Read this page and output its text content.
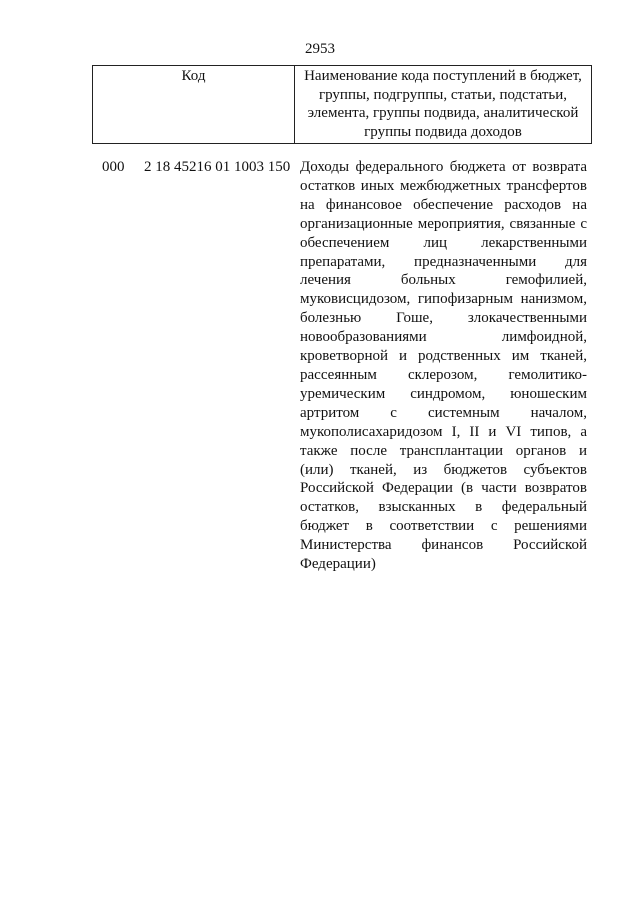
2953
Код	Наименование кода поступлений в бюджет, группы, подгруппы, статьи, подстатьи, элемента, группы подвида, аналитической группы подвида доходов
000 2 18 45216 01 1003 150 Доходы федерального бюджета от возврата остатков иных межбюджетных трансфертов на финансовое обеспечение расходов на организационные мероприятия, связанные с обеспечением лиц лекарственными препаратами, предназначенными для лечения больных гемофилией, муковисцидозом, гипофизарным нанизмом, болезнью Гоше, злокачественными новообразованиями лимфоидной, кроветворной и родственных им тканей, рассеянным склерозом, гемолитико-уремическим синдромом, юношеским артритом с системным началом, мукополисахаридозом I, II и VI типов, а также после трансплантации органов и (или) тканей, из бюджетов субъектов Российской Федерации (в части возвратов остатков, взысканных в федеральный бюджет в соответствии с решениями Министерства финансов Российской Федерации)
